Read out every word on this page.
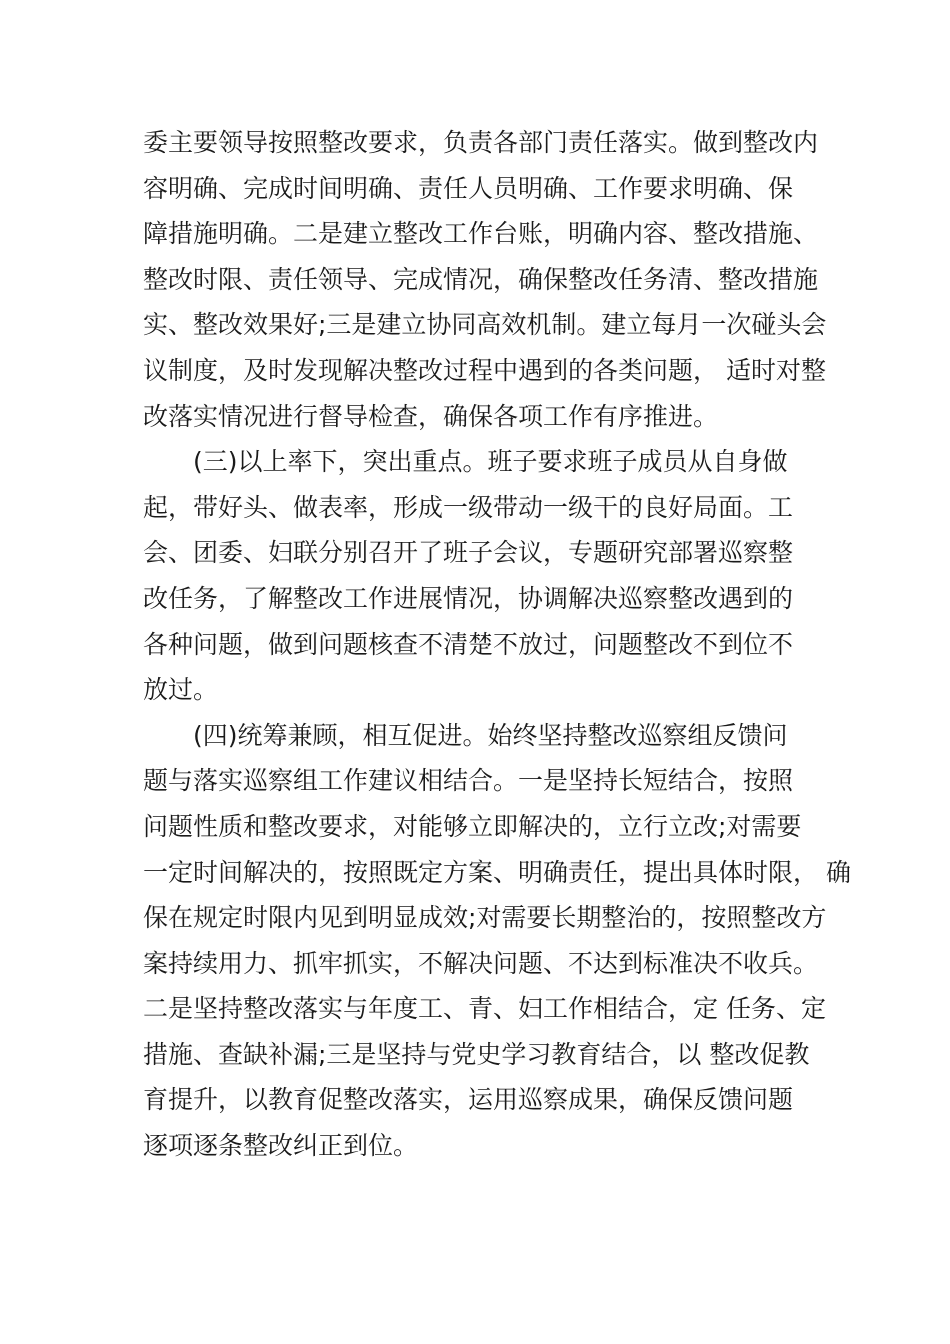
委主要领导按照整改要求，负责各部门责任落实。做到整改内
容明确、完成时间明确、责任人员明确、工作要求明确、保
障措施明确。二是建立整改工作台账，明确内容、整改措施、
整改时限、责任领导、完成情况，确保整改任务清、整改措施
实、整改效果好;三是建立协同高效机制。建立每月一次碰头会
议制度，及时发现解决整改过程中遇到的各类问题， 适时对整
改落实情况进行督导检查，确保各项工作有序推进。
(三)以上率下，突出重点。班子要求班子成员从自身做
起，带好头、做表率，形成一级带动一级干的良好局面。工
会、团委、妇联分别召开了班子会议，专题研究部署巡察整
改任务，了解整改工作进展情况，协调解决巡察整改遇到的
各种问题，做到问题核查不清楚不放过，问题整改不到位不
放过。
(四)统筹兼顾，相互促进。始终坚持整改巡察组反馈问
题与落实巡察组工作建议相结合。一是坚持长短结合，按照
问题性质和整改要求，对能够立即解决的，立行立改;对需要
一定时间解决的，按照既定方案、明确责任，提出具体时限， 确
保在规定时限内见到明显成效;对需要长期整治的，按照整改方
案持续用力、抓牢抓实，不解决问题、不达到标准决不收兵。
二是坚持整改落实与年度工、青、妇工作相结合，定 任务、定
措施、查缺补漏;三是坚持与党史学习教育结合，以 整改促教
育提升，以教育促整改落实，运用巡察成果，确保反馈问题
逐项逐条整改纠正到位。
